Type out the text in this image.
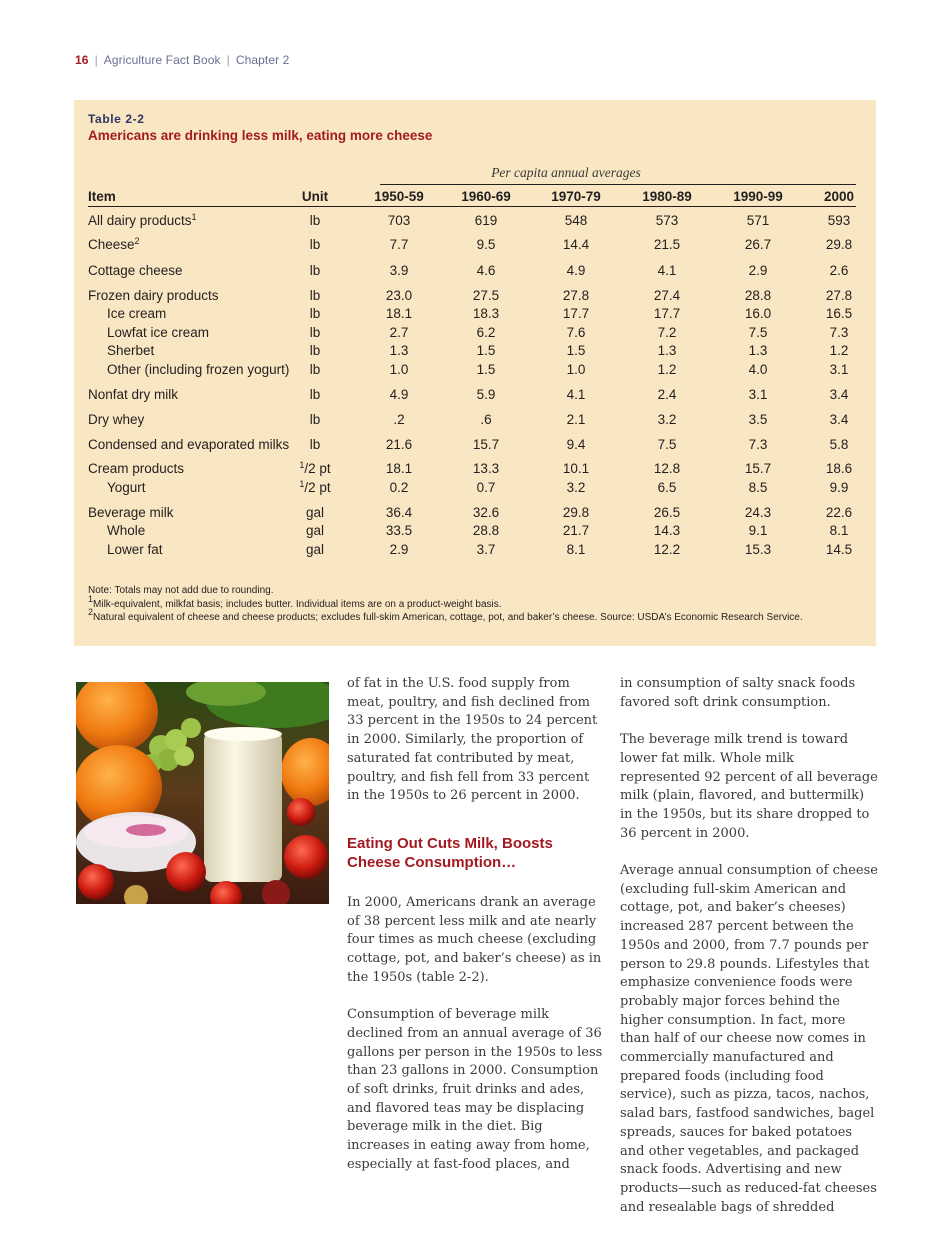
16 | Agriculture Fact Book | Chapter 2
Table 2-2
Americans are drinking less milk, eating more cheese
Per capita annual averages
Item	Unit	1950-59	1960-69	1970-79	1980-89	1990-99	2000
All dairy products$^1$	lb	703	619	548	573	571	593
Cheese$^2$	lb	7.7	9.5	14.4	21.5	26.7	29.8
Cottage cheese	lb	3.9	4.6	4.9	4.1	2.9	2.6
Frozen dairy products	lb	23.0	27.5	27.8	27.4	28.8	27.8
Ice cream	lb	18.1	18.3	17.7	17.7	16.0	16.5
Lowfat ice cream	lb	2.7	6.2	7.6	7.2	7.5	7.3
Sherbet	lb	1.3	1.5	1.5	1.3	1.3	1.2
Other (including frozen yogurt)	lb	1.0	1.5	1.0	1.2	4.0	3.1
Nonfat dry milk	lb	4.9	5.9	4.1	2.4	3.1	3.4
Dry whey	lb	.2	.6	2.1	3.2	3.5	3.4
Condensed and evaporated milks	lb	21.6	15.7	9.4	7.5	7.3	5.8
Cream products	$^1$/2 pt	18.1	13.3	10.1	12.8	15.7	18.6
Yogurt	$^1$/2 pt	0.2	0.7	3.2	6.5	8.5	9.9
Beverage milk	gal	36.4	32.6	29.8	26.5	24.3	22.6
Whole	gal	33.5	28.8	21.7	14.3	9.1	8.1
Lower fat	gal	2.9	3.7	8.1	12.2	15.3	14.5
Note: Totals may not add due to rounding.
$^1$Milk-equivalent, milkfat basis; includes butter. Individual items are on a product-weight basis.
$^2$Natural equivalent of cheese and cheese products; excludes full-skim American, cottage, pot, and baker’s cheese. Source: USDA’s Economic Research Service.

of fat in the U.S. food supply from meat, poultry, and fish declined from 33 percent in the 1950s to 24 percent in 2000. Similarly, the proportion of saturated fat contributed by meat, poultry, and fish fell from 33 percent in the 1950s to 26 percent in 2000.

Eating Out Cuts Milk, Boosts Cheese Consumption…

In 2000, Americans drank an average of 38 percent less milk and ate nearly four times as much cheese (excluding cottage, pot, and baker’s cheese) as in the 1950s (table 2-2).

Consumption of beverage milk declined from an annual average of 36 gallons per person in the 1950s to less than 23 gallons in 2000. Consumption of soft drinks, fruit drinks and ades, and flavored teas may be displacing beverage milk in the diet. Big increases in eating away from home, especially at fast-food places, and

in consumption of salty snack foods favored soft drink consumption.

The beverage milk trend is toward lower fat milk. Whole milk represented 92 percent of all beverage milk (plain, flavored, and buttermilk) in the 1950s, but its share dropped to 36 percent in 2000.

Average annual consumption of cheese (excluding full-skim American and cottage, pot, and baker’s cheeses) increased 287 percent between the 1950s and 2000, from 7.7 pounds per person to 29.8 pounds. Lifestyles that emphasize convenience foods were probably major forces behind the higher consumption. In fact, more than half of our cheese now comes in commercially manufactured and prepared foods (including food service), such as pizza, tacos, nachos, salad bars, fastfood sandwiches, bagel spreads, sauces for baked potatoes and other vegetables, and packaged snack foods. Advertising and new products—such as reduced-fat cheeses and resealable bags of shredded
